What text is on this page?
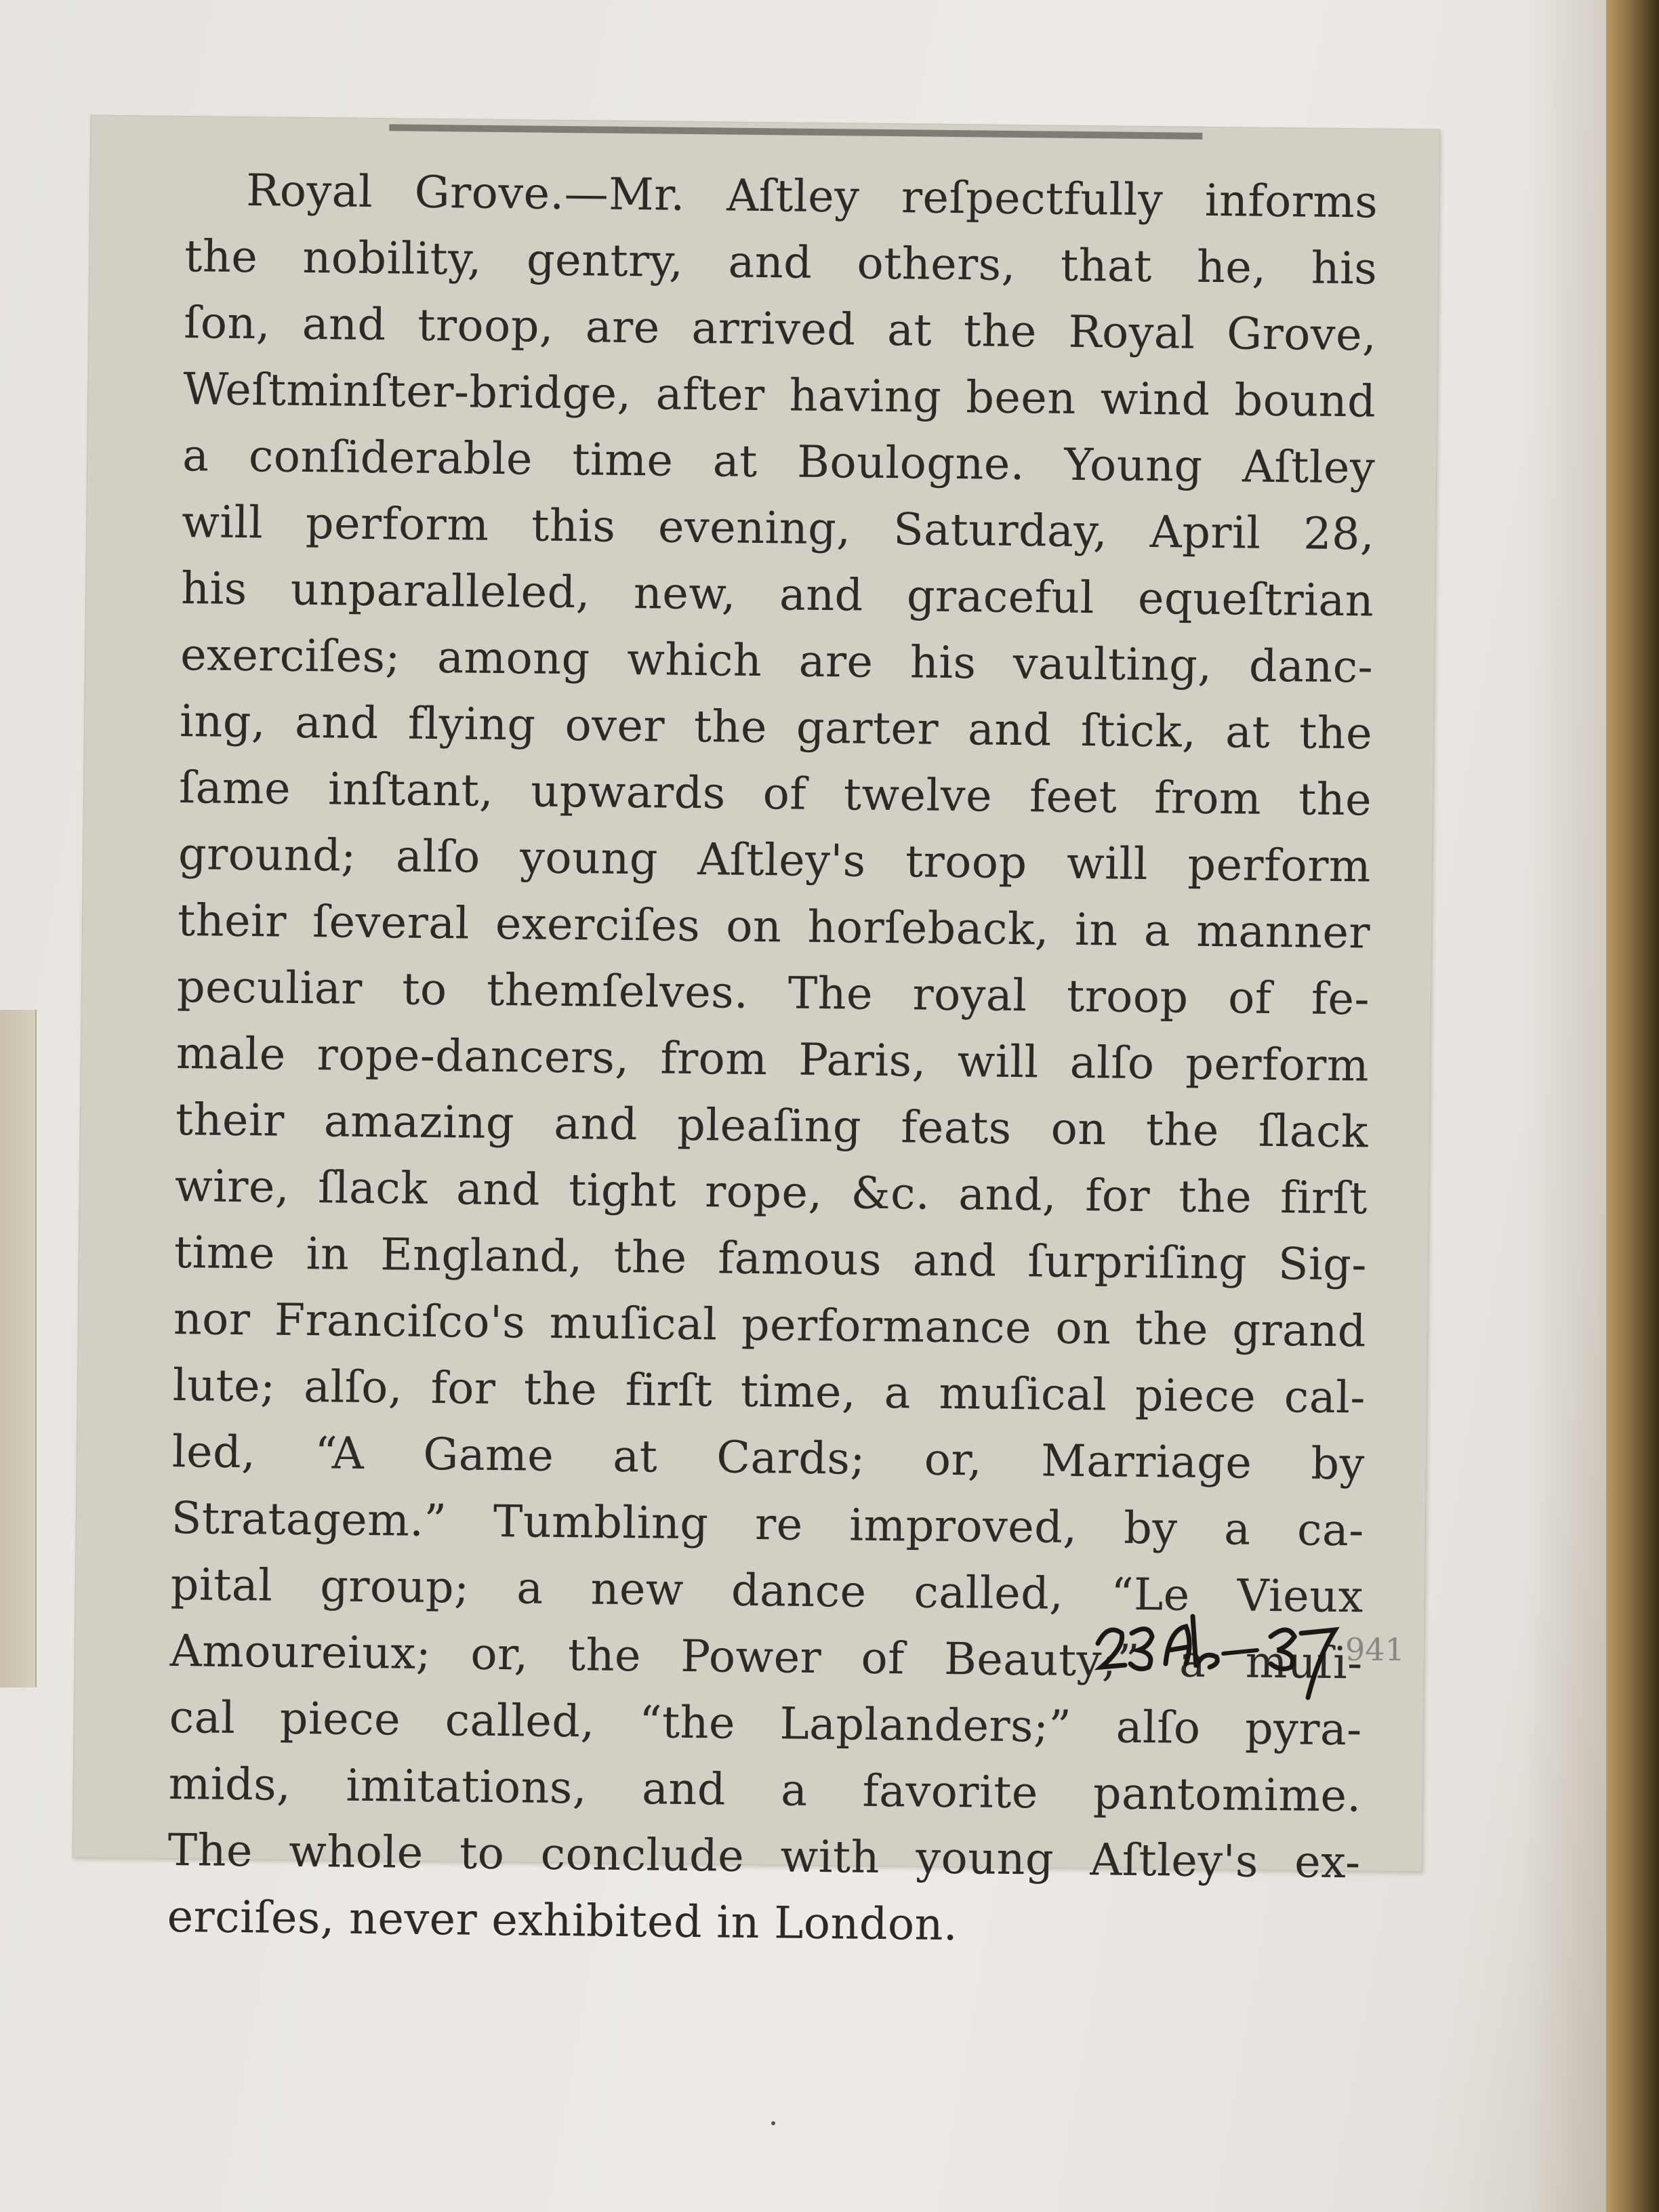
Royal Grove.—Mr. Aſtley reſpectfully informs
the nobility, gentry, and others, that he, his
ſon, and troop, are arrived at the Royal Grove,
Weſtminſter-bridge, after having been wind bound
a conſiderable time at Boulogne. Young Aſtley
will perform this evening, Saturday, April 28,
his unparalleled, new, and graceful equeſtrian
exerciſes; among which are his vaulting, danc-
ing, and flying over the garter and ſtick, at the
ſame inſtant, upwards of twelve feet from the
ground; alſo young Aſtley's troop will perform
their ſeveral exerciſes on horſeback, in a manner
peculiar to themſelves. The royal troop of fe-
male rope-dancers, from Paris, will alſo perform
their amazing and pleaſing feats on the ſlack
wire, ſlack and tight rope, &c. and, for the firſt
time in England, the famous and ſurpriſing Sig-
nor Franciſco's muſical performance on the grand
lute; alſo, for the firſt time, a muſical piece cal-
led, “A Game at Cards; or, Marriage by
Stratagem.” Tumbling re improved, by a ca-
pital group; a new dance called, “Le Vieux
Amoureiux; or, the Power of Beauty;” a muſi-
cal piece called, “the Laplanders;” alſo pyra-
mids, imitations, and a favorite pantomime.
The whole to conclude with young Aſtley's ex-
erciſes, never exhibited in London.
941
